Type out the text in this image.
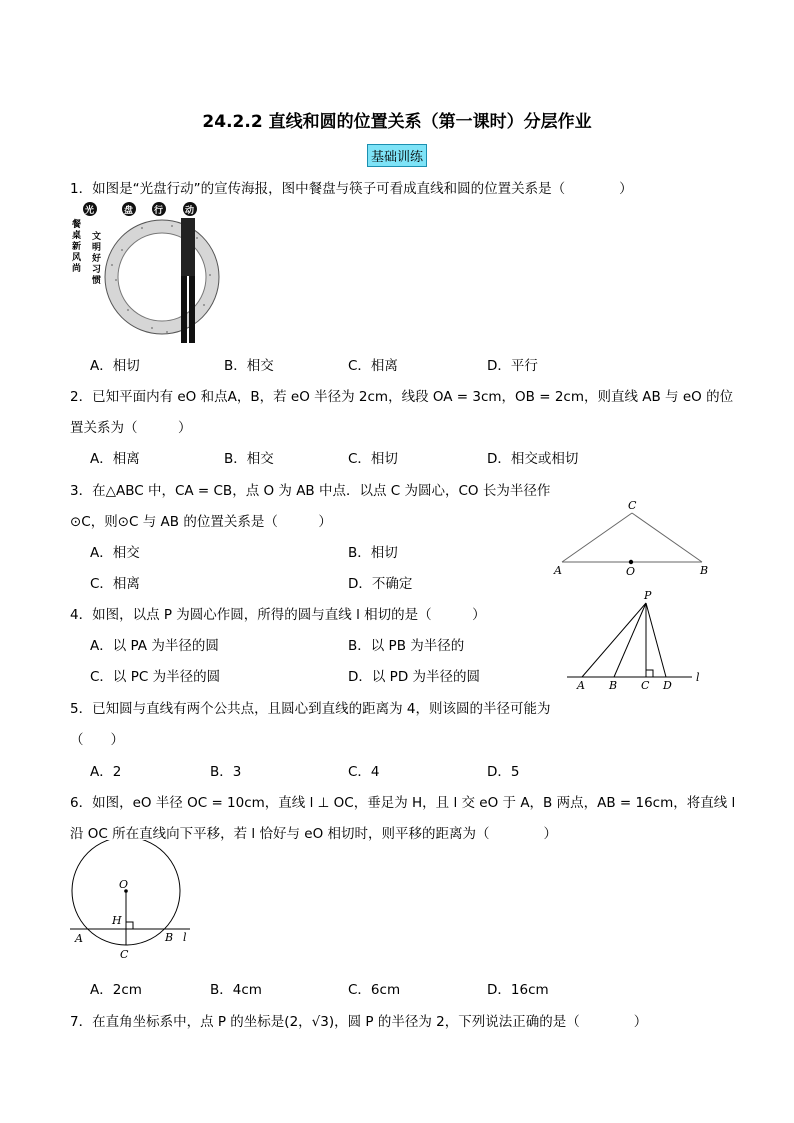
24.2.2 直线和圆的位置关系（第一课时）分层作业
基础训练
1．如图是“光盘行动”的宣传海报，图中餐盘与筷子可看成直线和圆的位置关系是（　　　　）
光	盘 行 动
餐桌新风尚
文明好习惯
A．相切	B．相交	C．相离	D．平行
2．已知平面内有 eO 和点A，B，若 eO 半径为 2cm，线段 OA = 3cm，OB = 2cm，则直线 AB 与 eO 的位
置关系为（　　　）
A．相离	B．相交	C．相切	D．相交或相切
3．在△ABC 中，CA = CB，点 O 为 AB 中点．以点 C 为圆心，CO 长为半径作
⊙C，则⊙C 与 AB 的位置关系是（　　　）
A．相交	B．相切
C．相离	D．不确定
C
A	O	B
4．如图，以点 P 为圆心作圆，所得的圆与直线 l 相切的是（　　　）
A．以 PA 为半径的圆	B．以 PB 为半径的
C．以 PC 为半径的圆	D．以 PD 为半径的圆
P
A B C D
l
5．已知圆与直线有两个公共点，且圆心到直线的距离为 4，则该圆的半径可能为
（　　）
A．2	B．3	C．4	D．5
6．如图，eO 半径 OC = 10cm，直线 l ⊥ OC，垂足为 H，且 l 交 eO 于 A，B 两点，AB = 16cm，将直线 l
沿 OC 所在直线向下平移，若 l 恰好与 eO 相切时，则平移的距离为（　　　　）
O
H
A	B l
C
A．2cm	B．4cm	C．6cm	D．16cm
7．在直角坐标系中，点 P 的坐标是(2，√3)，圆 P 的半径为 2，下列说法正确的是（　　　　）
